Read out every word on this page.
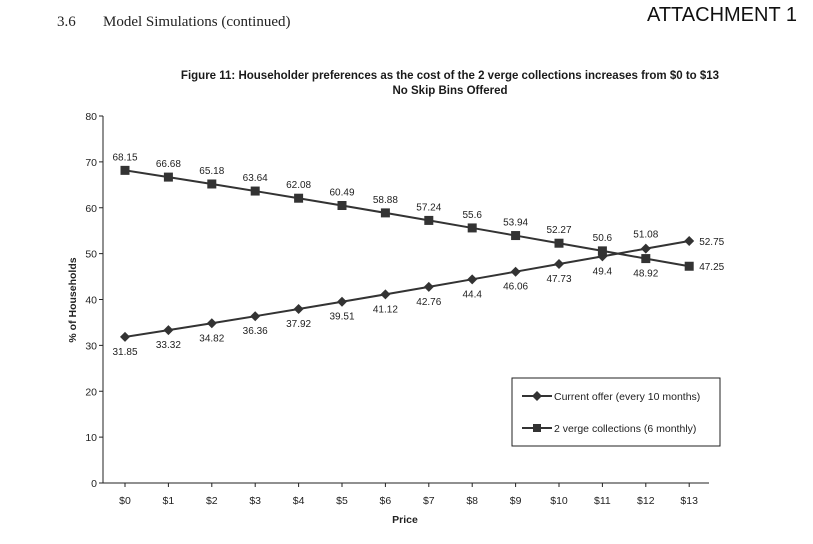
3.6 Model Simulations (continued)	ATTACHMENT 1
Figure 11: Householder preferences as the cost of the 2 verge collections increases from $0 to $13
No Skip Bins Offered
0
10
20
30
40
50
60
70
80
$0	$1	$2	$3	$4	$5	$6	$7	$8	$9	$10	$11	$12 $13
31.85
33.32
34.82
36.36
37.92
39.51
41.12
42.76
44.4
46.06
47.73
49.4
51.08
52.75
68.15
66.68
65.18
63.64
62.08
60.49
58.88
57.24
55.6
53.94
52.27
50.6
48.92
47.25
Price
% of Households
Current offer (every 10 months)
2 verge collections (6 monthly)
